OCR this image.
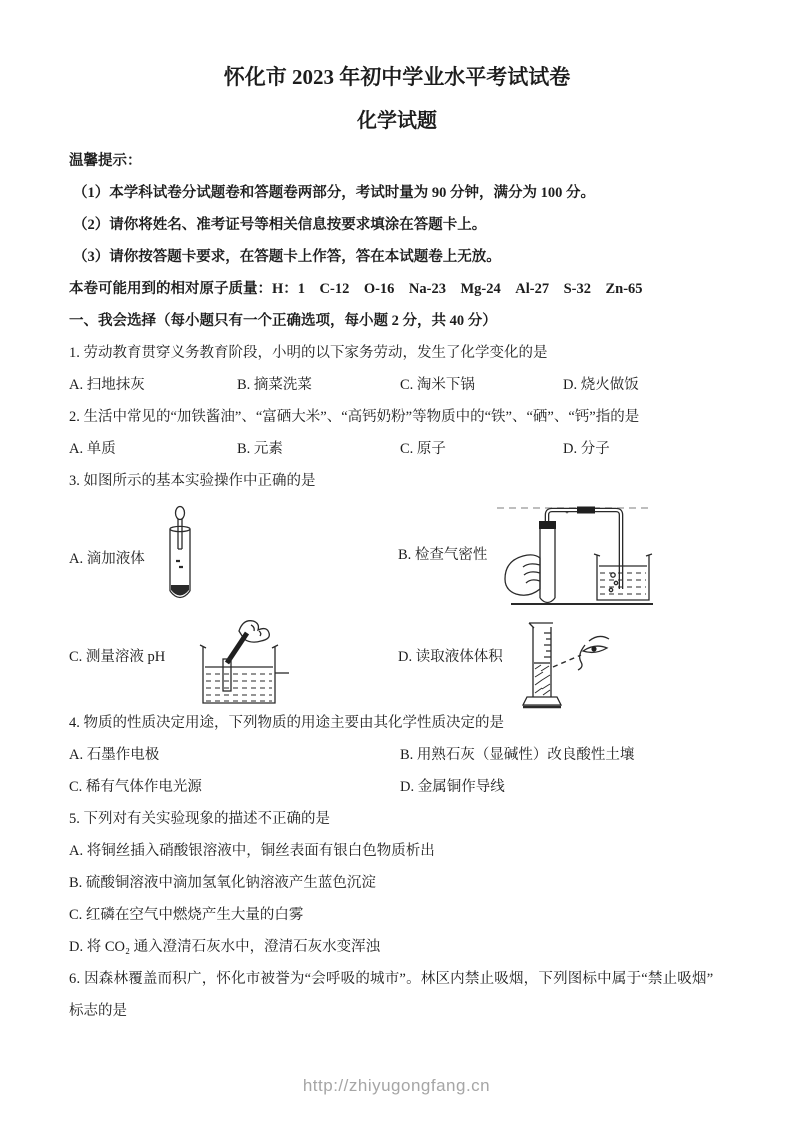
怀化市 2023 年初中学业水平考试试卷
化学试题
温馨提示：
（1）本学科试卷分试题卷和答题卷两部分，考试时量为 90 分钟，满分为 100 分。
（2）请你将姓名、准考证号等相关信息按要求填涂在答题卡上。
（3）请你按答题卡要求，在答题卡上作答，答在本试题卷上无放。
本卷可能用到的相对原子质量：H：1　C-12　O-16　Na-23　Mg-24　Al-27　S-32　Zn-65
一、我会选择（每小题只有一个正确选项，每小题 2 分，共 40 分）
1. 劳动教育贯穿义务教育阶段，小明的以下家务劳动，发生了化学变化的是
A. 扫地抹灰	B. 摘菜洗菜	C. 淘米下锅	D. 烧火做饭
2. 生活中常见的“加铁酱油”、“富硒大米”、“高钙奶粉”等物质中的“铁”、“硒”、“钙”指的是
A. 单质	B. 元素	C. 原子	D. 分子
3. 如图所示的基本实验操作中正确的是
A. 滴加液体	B. 检查气密性
C. 测量溶液 pH	D. 读取液体体积
4. 物质的性质决定用途，下列物质的用途主要由其化学性质决定的是
A. 石墨作电极	B. 用熟石灰（显碱性）改良酸性土壤
C. 稀有气体作电光源	D. 金属铜作导线
5. 下列对有关实验现象的描述不正确的是
A. 将铜丝插入硝酸银溶液中，铜丝表面有银白色物质析出
B. 硫酸铜溶液中滴加氢氧化钠溶液产生蓝色沉淀
C. 红磷在空气中燃烧产生大量的白雾
D. 将 CO₂ 通入澄清石灰水中，澄清石灰水变浑浊
6. 因森林覆盖而积广，怀化市被誉为“会呼吸的城市”。林区内禁止吸烟，下列图标中属于“禁止吸烟”
标志的是
http://zhiyugongfang.cn
